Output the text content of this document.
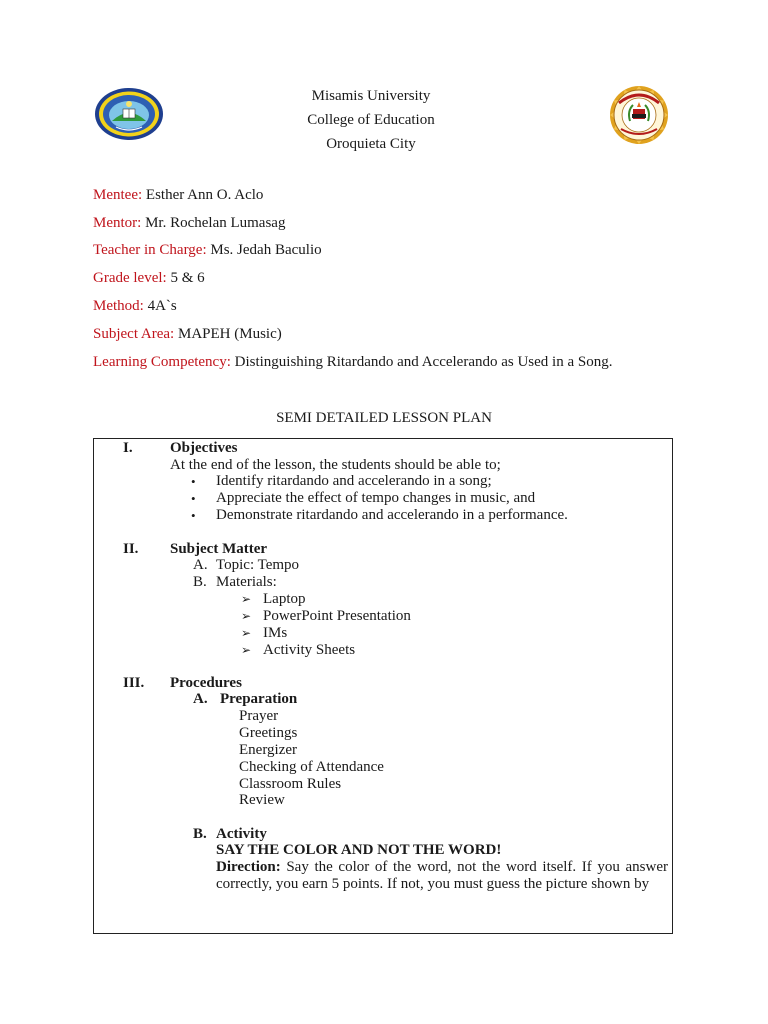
Misamis University
College of Education
Oroquieta City
Mentee: Esther Ann O. Aclo
Mentor: Mr. Rochelan Lumasag
Teacher in Charge: Ms. Jedah Baculio
Grade level: 5 & 6
Method: 4A`s
Subject Area: MAPEH (Music)
Learning Competency: Distinguishing Ritardando and Accelerando as Used in a Song.
SEMI DETAILED LESSON PLAN
I. Objectives
At the end of the lesson, the students should be able to;
• Identify ritardando and accelerando in a song;
• Appreciate the effect of tempo changes in music, and
• Demonstrate ritardando and accelerando in a performance.
II. Subject Matter
A. Topic: Tempo
B. Materials:
➢ Laptop
➢ PowerPoint Presentation
➢ IMs
➢ Activity Sheets
III. Procedures
A. Preparation
Prayer
Greetings
Energizer
Checking of Attendance
Classroom Rules
Review
B. Activity
SAY THE COLOR AND NOT THE WORD!
Direction: Say the color of the word, not the word itself. If you answer correctly, you earn 5 points. If not, you must guess the picture shown by
